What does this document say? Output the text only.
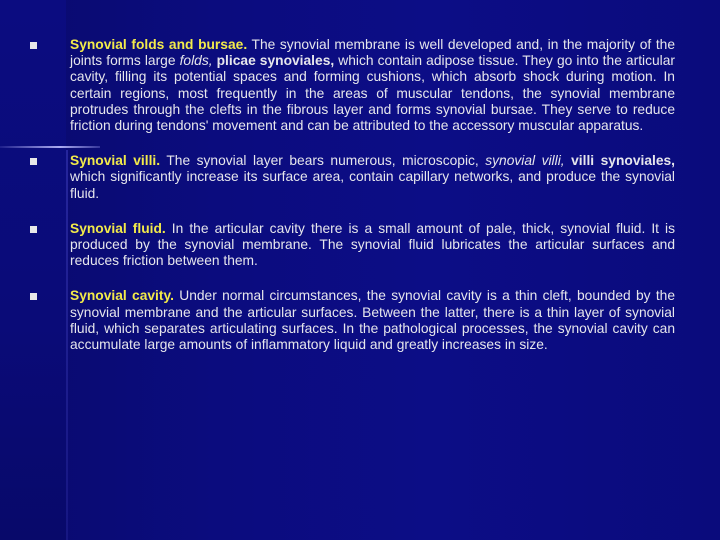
Synovial folds and bursae. The synovial membrane is well developed and, in the majority of the joints forms large folds, plicae synoviales, which contain adipose tissue. They go into the articular cavity, filling its potential spaces and forming cushions, which absorb shock during motion. In certain regions, most frequently in the areas of muscular tendons, the synovial membrane protrudes through the clefts in the fibrous layer and forms synovial bursae. They serve to reduce friction during tendons' movement and can be attributed to the accessory muscular apparatus.
Synovial villi. The synovial layer bears numerous, microscopic, synovial villi, villi synoviales, which significantly increase its surface area, contain capillary networks, and produce the synovial fluid.
Synovial fluid. In the articular cavity there is a small amount of pale, thick, synovial fluid. It is produced by the synovial membrane. The synovial fluid lubricates the articular surfaces and reduces friction between them.
Synovial cavity. Under normal circumstances, the synovial cavity is a thin cleft, bounded by the synovial membrane and the articular surfaces. Between the latter, there is a thin layer of synovial fluid, which separates articulating surfaces. In the pathological processes, the synovial cavity can accumulate large amounts of inflammatory liquid and greatly increases in size.
